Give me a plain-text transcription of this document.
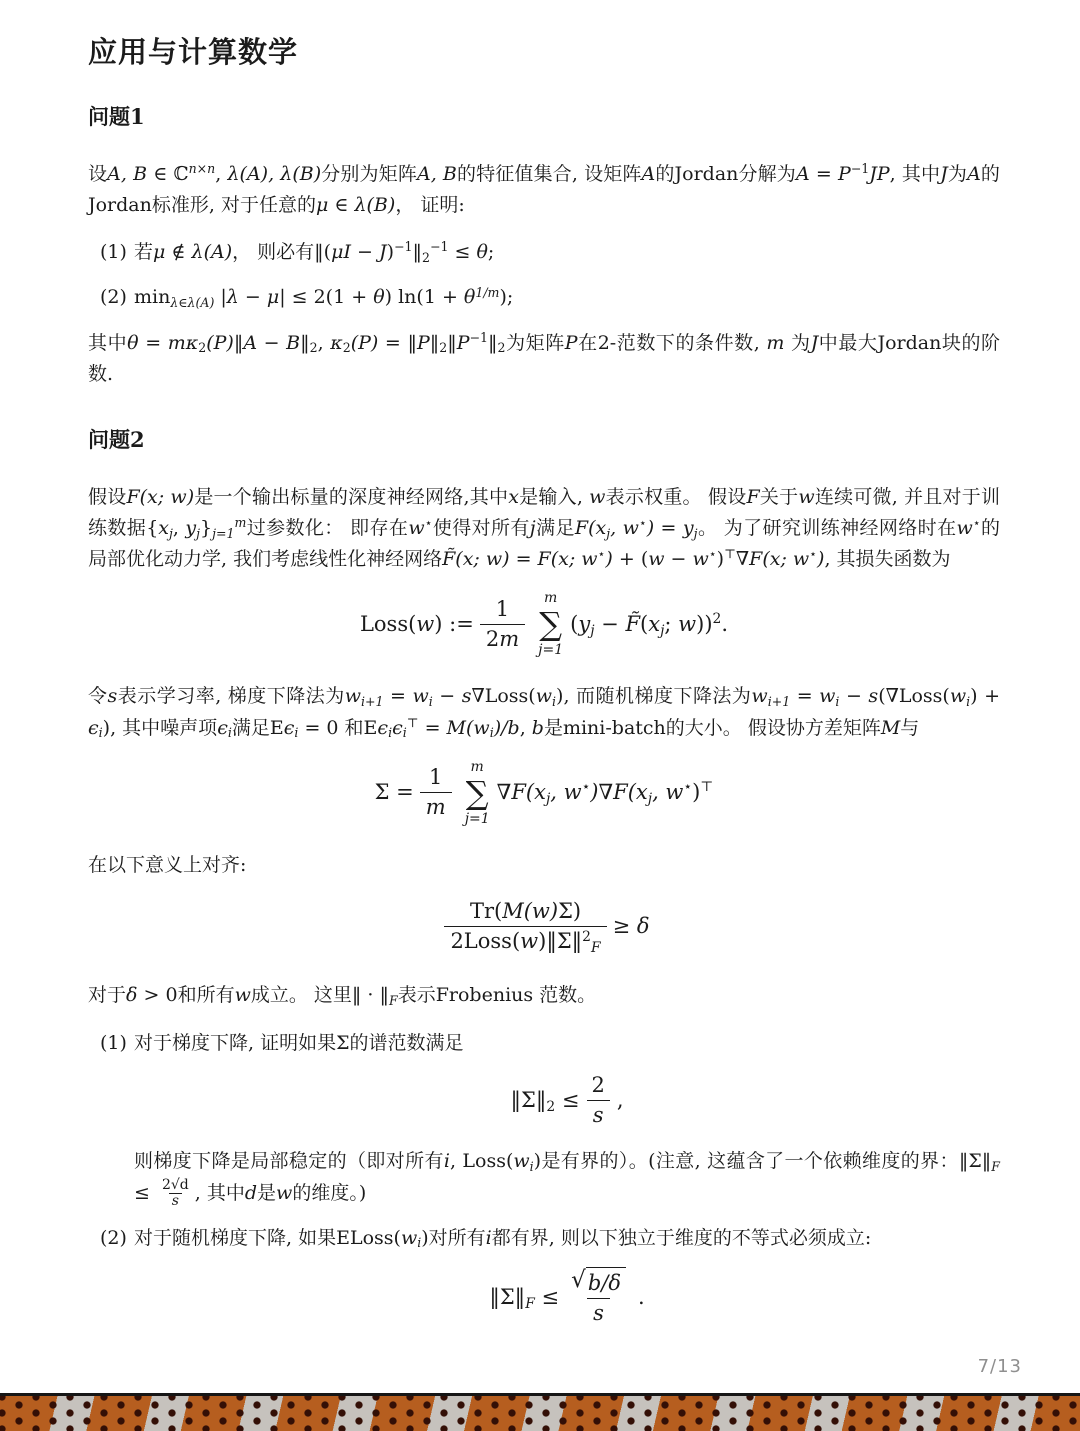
应用与计算数学
问题1

设A, B ∈ ℂ$^{n\times n}$, λ(A), λ(B)分别为矩阵A, B的特征值集合, 设矩阵A的Jordan分解为$A = P^{-1}JP$, 其中J为A的Jordan标准形, 对于任意的μ ∈ λ(B)， 证明:

(1) 若μ ∉ λ(A)， 则必有‖(μI − $J)^{-1}‖2^{-1} \le \theta$;
(2) minλ∈λ(A) |λ − μ| ≤ 2(1 + θ) $\ln(1 + \theta^{1/m})$;

其中θ = mκ2(P)‖A − B‖2, $\kappa 2(P) = ‖P‖2‖P^{-1}‖2$为矩阵P在2-范数下的条件数, m 为J中最大Jordan块的阶数.

问题2

假设F(x; w)是一个输出标量的深度神经网络,其中x是输入, w表示权重。 假设F关于w连续可微, 并且对于训练数据{xj, $yj\}j=1^m$过参数化： 即存在w⋆使得对所有j满足F(xj, w⋆) = yj。 为了研究训练神经网络时在w⋆的局部优化动力学, 我们考虑线性化神经网络F̃(x; w) = F(x; w⋆) + (w − w⋆)⊤∇F(x; w⋆), 其损失函数为

Loss(w) := $\frac{1}{2m}$ m
∑
j=1
(yj − F̃(xj; w))$^2$.

令s表示学习率, 梯度下降法为wi+1 = wi − s∇Loss(wi), 而随机梯度下降法为wi+1 = wi − s(∇Loss(wi) + ϵi), 其中噪声项ϵi满足Eϵi = 0 和Eϵiϵi⊤ = M(wi)/b, b是mini-batch的大小。 假设协方差矩阵M与

$\Sigma = \frac{1}{m}$ m
∑
j=1
∇F(xj, w⋆)∇F(xj, w⋆)⊤

在以下意义上对齐:

$\frac{Tr(M(w)\Sigma)}{2Loss(w)‖\Sigma‖^2F} \ge \delta$

对于δ > 0和所有w成立。 这里‖ · ‖F表示Frobenius 范数。

(1) 对于梯度下降, 证明如果Σ的谱范数满足
‖Σ‖2 ≤ $\frac{2}{s}$ ,
则梯度下降是局部稳定的（即对所有i, Loss(wi)是有界的）。(注意, 这蕴含了一个依赖维度的界：‖Σ‖F ≤ $\frac{2√d}{s}$ , 其中d是w的维度。)
(2) 对于随机梯度下降, 如果ELoss(wi)对所有i都有界, 则以下独立于维度的不等式必须成立:
‖Σ‖F ≤ $\frac{√ b/\delta}{s}$ .
7/13
